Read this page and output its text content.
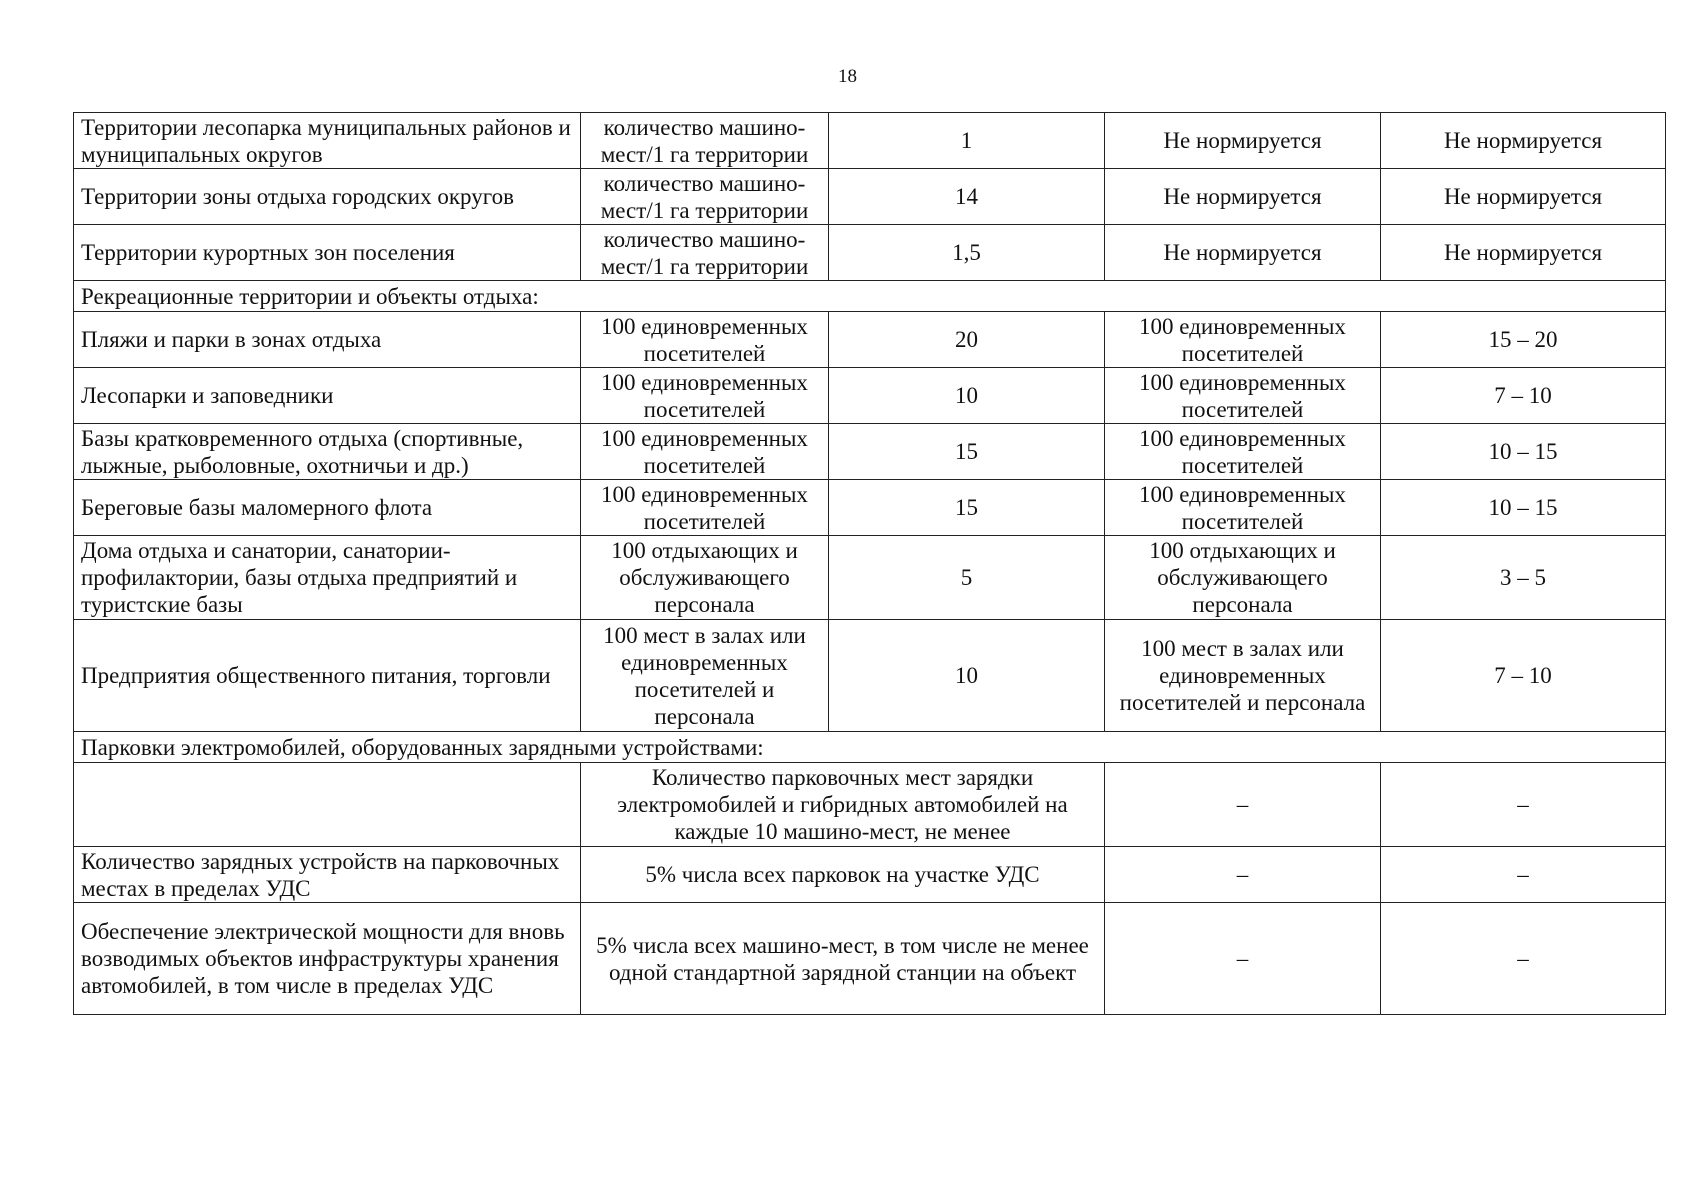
18
Территории лесопарка муниципальных районов и муниципальных округов	количество машино-мест/1 га территории	1	Не нормируется	Не нормируется
Территории зоны отдыха городских округов	количество машино-мест/1 га территории	14	Не нормируется	Не нормируется
Территории курортных зон поселения	количество машино-мест/1 га территории	1,5	Не нормируется	Не нормируется
Рекреационные территории и объекты отдыха:				
Пляжи и парки в зонах отдыха	100 единовременных посетителей	20	100 единовременных посетителей	15 – 20
Лесопарки и заповедники	100 единовременных посетителей	10	100 единовременных посетителей	7 – 10
Базы кратковременного отдыха (спортивные, лыжные, рыболовные, охотничьи и др.)	100 единовременных посетителей	15	100 единовременных посетителей	10 – 15
Береговые базы маломерного флота	100 единовременных посетителей	15	100 единовременных посетителей	10 – 15
Дома отдыха и санатории, санатории-профилактории, базы отдыха предприятий и туристские базы	100 отдыхающих и обслуживающего персонала	5	100 отдыхающих и обслуживающего персонала	3 – 5
Предприятия общественного питания, торговли	100 мест в залах или единовременных посетителей и персонала	10	100 мест в залах или единовременных посетителей и персонала	7 – 10
Парковки электромобилей, оборудованных зарядными устройствами:				
	Количество парковочных мест зарядки электромобилей и гибридных автомобилей на каждые 10 машино-мест, не менее		–	–
Количество зарядных устройств на парковочных местах в пределах УДС	5% числа всех парковок на участке УДС		–	–
Обеспечение электрической мощности для вновь возводимых объектов инфраструктуры хранения автомобилей, в том числе в пределах УДС	5% числа всех машино-мест, в том числе не менее одной стандартной зарядной станции на объект		–	–
